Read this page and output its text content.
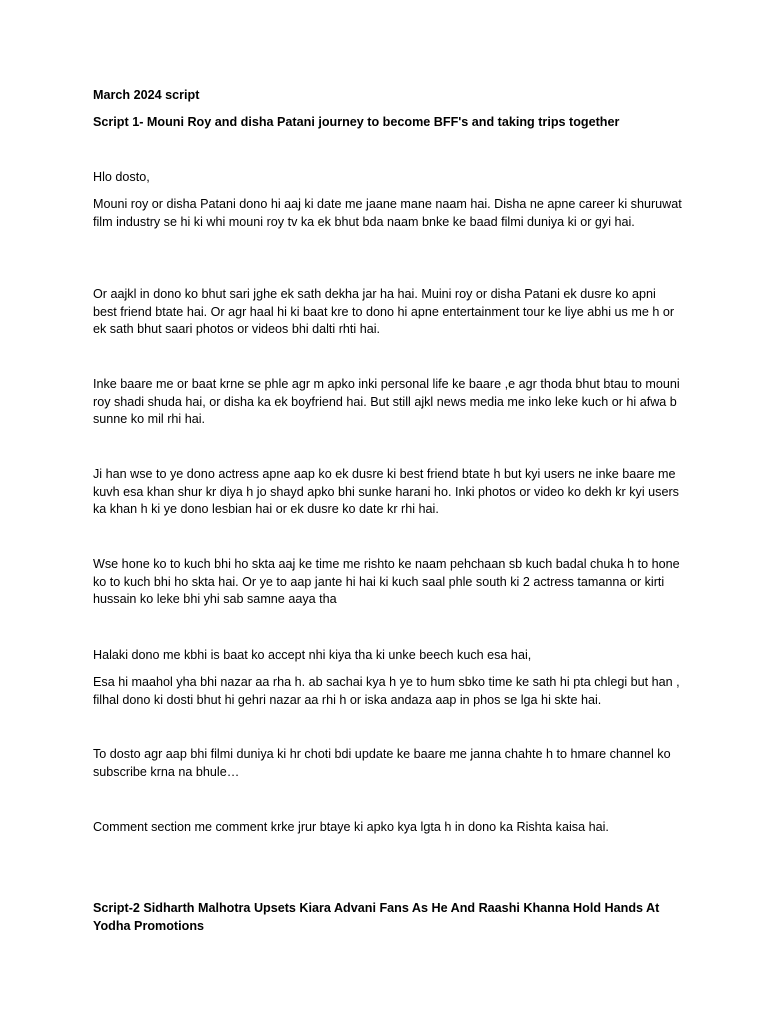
March 2024 script

Script 1- Mouni Roy and disha Patani journey to become BFF's and taking trips together

Hlo dosto,

Mouni roy or disha Patani dono hi aaj ki date me jaane mane naam hai. Disha ne apne career ki shuruwat film industry se hi ki whi mouni roy tv ka ek bhut bda naam bnke ke baad filmi duniya ki or gyi hai.

Or aajkl in dono ko bhut sari jghe ek sath dekha jar ha hai. Muini roy or disha Patani ek dusre ko apni best friend btate hai. Or agr haal hi ki baat kre to dono hi apne entertainment tour ke liye abhi us me h or ek sath bhut saari photos or videos bhi dalti rhti hai.

Inke baare me or baat krne se phle agr m apko inki personal life ke baare ,e agr thoda bhut btau to mouni roy shadi shuda hai, or disha ka ek boyfriend hai. But still ajkl news media me inko leke kuch or hi afwa b sunne ko mil rhi hai.

Ji han wse to ye dono actress apne aap ko ek dusre ki best friend btate h but kyi users ne inke baare me kuvh esa khan shur kr diya h jo shayd apko bhi sunke harani ho. Inki photos or video ko dekh kr kyi users ka khan h ki ye dono lesbian hai or ek dusre ko date kr rhi hai.

Wse hone ko to kuch bhi ho skta aaj ke time me rishto ke naam pehchaan sb kuch badal chuka h to hone ko to kuch bhi ho skta hai. Or ye to aap jante hi hai ki kuch saal phle south ki 2 actress tamanna or kirti hussain ko leke bhi yhi sab samne aaya tha

Halaki dono me kbhi is baat ko accept nhi kiya tha ki unke beech kuch esa hai,

Esa hi maahol yha bhi nazar aa rha h. ab sachai kya h ye to hum sbko time ke sath hi pta chlegi but han , filhal dono ki dosti bhut hi gehri nazar aa rhi h or iska andaza aap in phos se lga hi skte hai.

To dosto agr aap bhi filmi duniya ki hr choti bdi update ke baare me janna chahte h to hmare channel ko subscribe krna na bhule…

Comment section me comment krke jrur btaye ki apko kya lgta h in dono ka Rishta kaisa hai.

Script-2 Sidharth Malhotra Upsets Kiara Advani Fans As He And Raashi Khanna Hold Hands At Yodha Promotions
